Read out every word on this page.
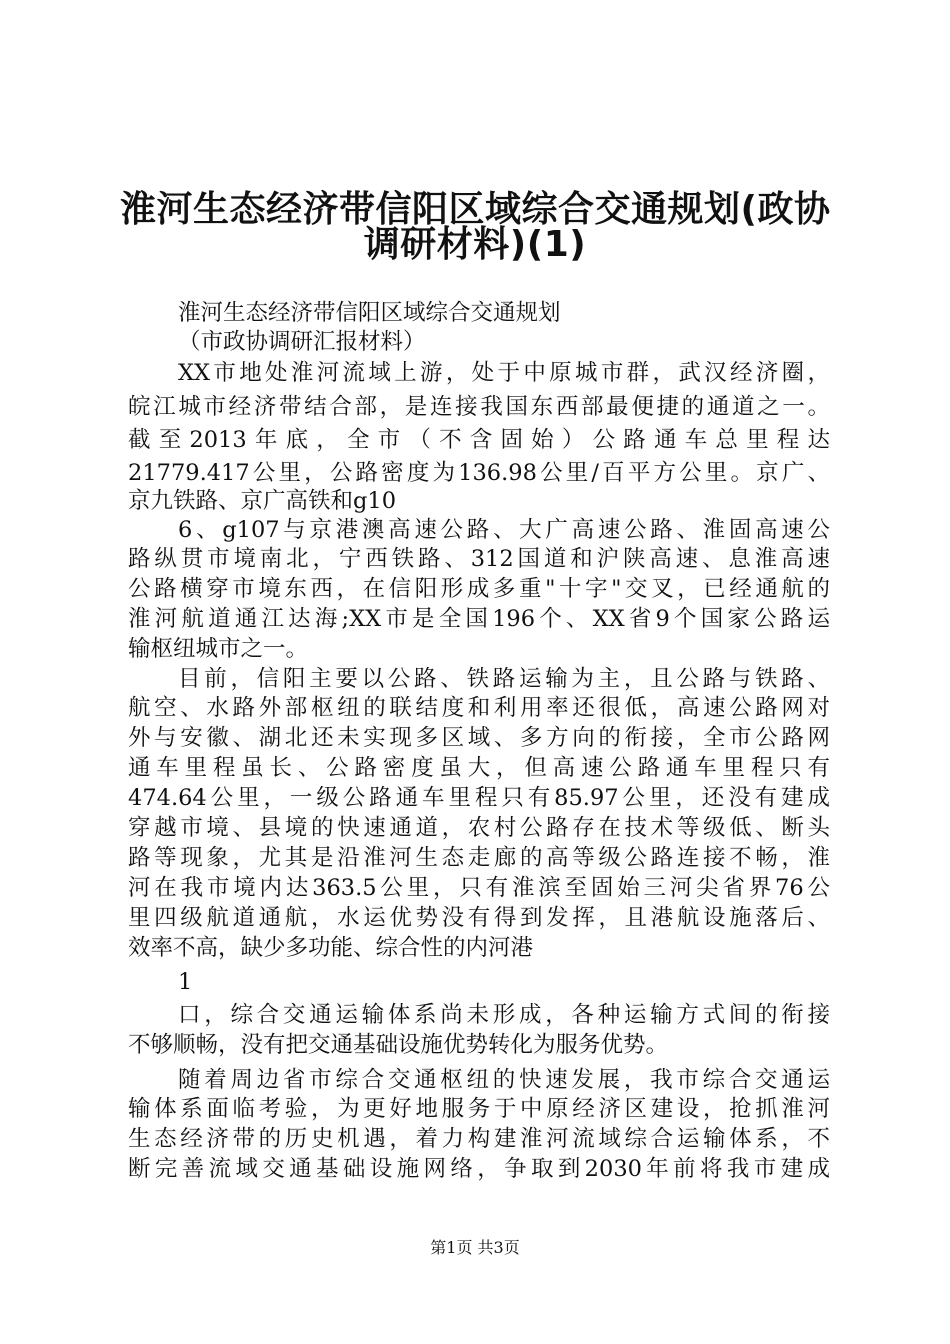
淮河生态经济带信阳区域综合交通规划(政协
调研材料)(1)
淮河生态经济带信阳区域综合交通规划
（市政协调研汇报材料）
XX市地处淮河流域上游，处于中原城市群，武汉经济圈，
皖江城市经济带结合部，是连接我国东西部最便捷的通道之一。
截至2013年底，全市（不含固始）公路通车总里程达
21779.417公里，公路密度为136.98公里/百平方公里。京广、
京九铁路、京广高铁和g10
6、g107与京港澳高速公路、大广高速公路、淮固高速公
路纵贯市境南北，宁西铁路、312国道和沪陕高速、息淮高速
公路横穿市境东西，在信阳形成多重"十字"交叉，已经通航的
淮河航道通江达海;XX市是全国196个、XX省9个国家公路运
输枢纽城市之一。
目前，信阳主要以公路、铁路运输为主，且公路与铁路、
航空、水路外部枢纽的联结度和利用率还很低，高速公路网对
外与安徽、湖北还未实现多区域、多方向的衔接，全市公路网
通车里程虽长、公路密度虽大，但高速公路通车里程只有
474.64公里，一级公路通车里程只有85.97公里，还没有建成
穿越市境、县境的快速通道，农村公路存在技术等级低、断头
路等现象，尤其是沿淮河生态走廊的高等级公路连接不畅，淮
河在我市境内达363.5公里，只有淮滨至固始三河尖省界76公
里四级航道通航，水运优势没有得到发挥，且港航设施落后、
效率不高，缺少多功能、综合性的内河港
1
口，综合交通运输体系尚未形成，各种运输方式间的衔接
不够顺畅，没有把交通基础设施优势转化为服务优势。
随着周边省市综合交通枢纽的快速发展，我市综合交通运
输体系面临考验，为更好地服务于中原经济区建设，抢抓淮河
生态经济带的历史机遇，着力构建淮河流域综合运输体系，不
断完善流域交通基础设施网络，争取到2030年前将我市建成
第1页 共3页
